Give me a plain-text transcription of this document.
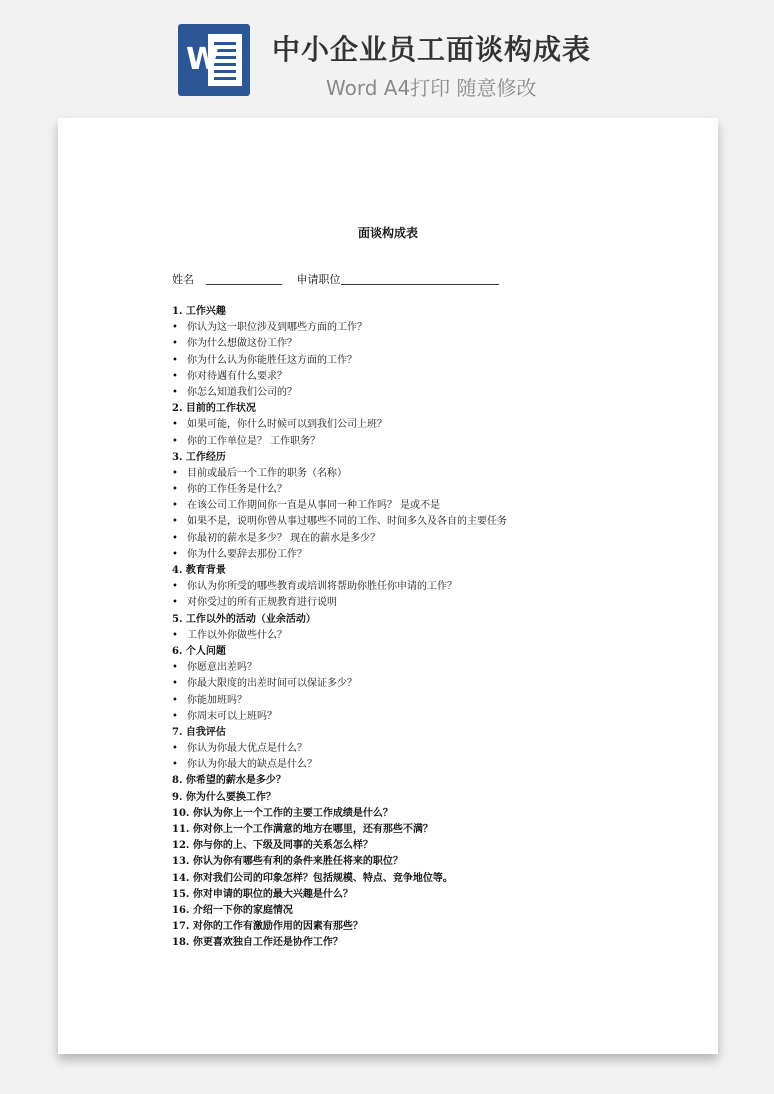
W 中小企业员工面谈构成表
Word A4打印 随意修改
面谈构成表
姓名	申请职位
1. 工作兴趣
• 你认为这一职位涉及到哪些方面的工作？
• 你为什么想做这份工作？
• 你为什么认为你能胜任这方面的工作？
• 你对待遇有什么要求？
• 你怎么知道我们公司的？
2. 目前的工作状况
• 如果可能，你什么时候可以到我们公司上班？
• 你的工作单位是？ 工作职务？
3. 工作经历
• 目前或最后一个工作的职务（名称）
• 你的工作任务是什么？
• 在该公司工作期间你一直是从事同一种工作吗？ 是或不是
• 如果不是，说明你曾从事过哪些不同的工作、时间多久及各自的主要任务
• 你最初的薪水是多少？ 现在的薪水是多少？
• 你为什么要辞去那份工作？
4. 教育背景
• 你认为你所受的哪些教育或培训将帮助你胜任你申请的工作？
• 对你受过的所有正规教育进行说明
5. 工作以外的活动（业余活动）
• 工作以外你做些什么？
6. 个人问题
• 你愿意出差吗？
• 你最大限度的出差时间可以保证多少？
• 你能加班吗？
• 你周末可以上班吗？
7. 自我评估
• 你认为你最大优点是什么？
• 你认为你最大的缺点是什么？
8. 你希望的薪水是多少？
9. 你为什么要换工作？
10. 你认为你上一个工作的主要工作成绩是什么？
11. 你对你上一个工作满意的地方在哪里，还有那些不满？
12. 你与你的上、下级及同事的关系怎么样？
13. 你认为你有哪些有利的条件来胜任将来的职位？
14. 你对我们公司的印象怎样？包括规模、特点、竞争地位等。
15. 你对申请的职位的最大兴趣是什么？
16. 介绍一下你的家庭情况
17. 对你的工作有激励作用的因素有那些？
18. 你更喜欢独自工作还是协作工作？
